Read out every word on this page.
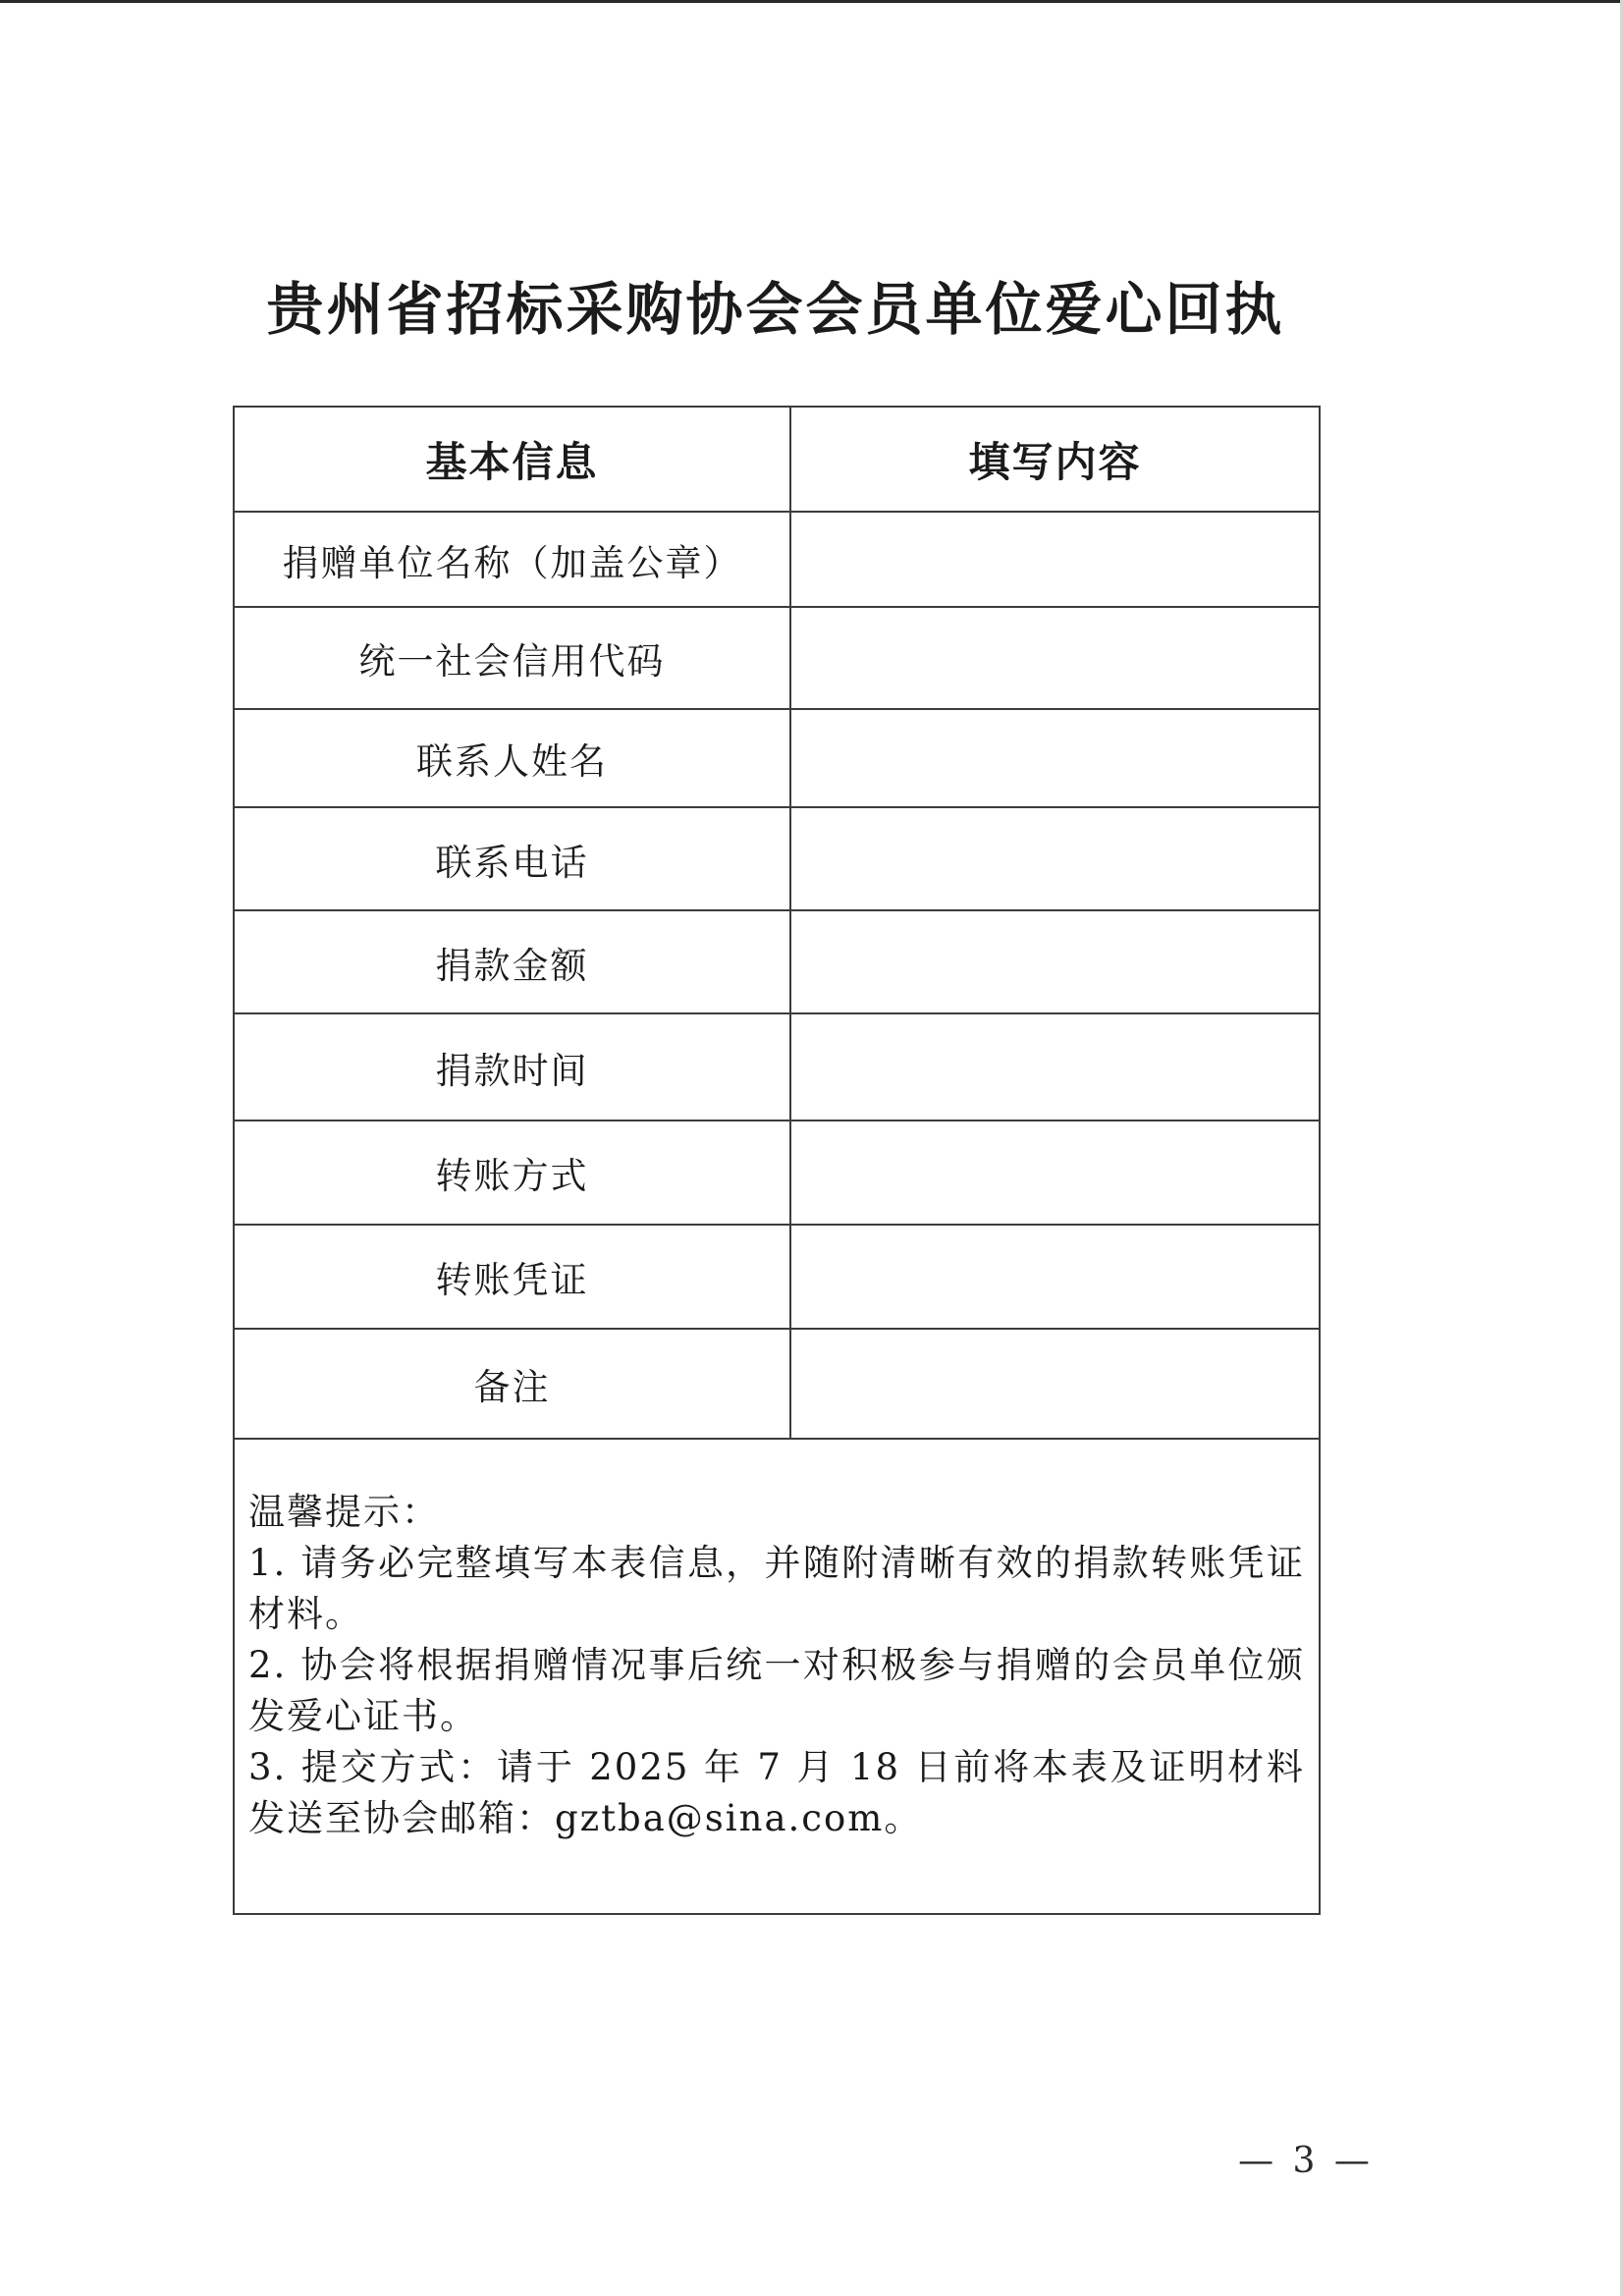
贵州省招标采购协会会员单位爱心回执
基本信息	填写内容
捐赠单位名称（加盖公章）	
统一社会信用代码	
联系人姓名	
联系电话	
捐款金额	
捐款时间	
转账方式	
转账凭证	
备注	

温馨提示：

1. 请务必完整填写本表信息，并随附清晰有效的捐款转账凭证材料。

2. 协会将根据捐赠情况事后统一对积极参与捐赠的会员单位颁发爱心证书。

3. 提交方式：请于 2025 年 7 月 18 日前将本表及证明材料发送至协会邮箱：gztba@sina.com。	

— 3 —
